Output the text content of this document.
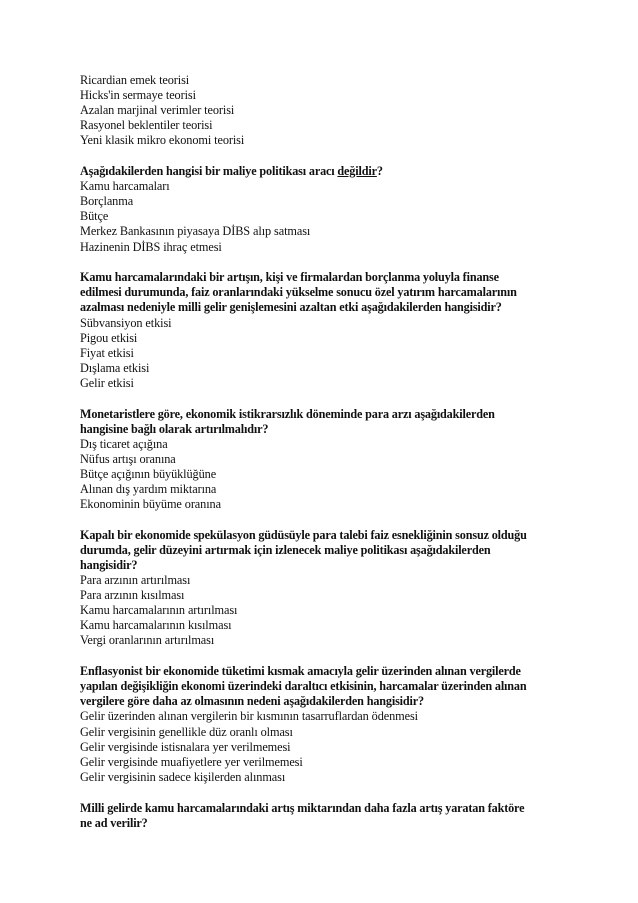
Ricardian emek teorisi
Hicks'in sermaye teorisi
Azalan marjinal verimler teorisi
Rasyonel beklentiler teorisi
Yeni klasik mikro ekonomi teorisi
Aşağıdakilerden hangisi bir maliye politikası aracı değildir?
Kamu harcamaları
Borçlanma
Bütçe
Merkez Bankasının piyasaya DİBS alıp satması
Hazinenin DİBS ihraç etmesi
Kamu harcamalarındaki bir artışın, kişi ve firmalardan borçlanma yoluyla finanse
edilmesi durumunda, faiz oranlarındaki yükselme sonucu özel yatırım harcamalarının
azalması nedeniyle milli gelir genişlemesini azaltan etki aşağıdakilerden hangisidir?
Sübvansiyon etkisi
Pigou etkisi
Fiyat etkisi
Dışlama etkisi
Gelir etkisi
Monetaristlere göre, ekonomik istikrarsızlık döneminde para arzı aşağıdakilerden
hangisine bağlı olarak artırılmalıdır?
Dış ticaret açığına
Nüfus artışı oranına
Bütçe açığının büyüklüğüne
Alınan dış yardım miktarına
Ekonominin büyüme oranına
Kapalı bir ekonomide spekülasyon güdüsüyle para talebi faiz esnekliğinin sonsuz olduğu
durumda, gelir düzeyini artırmak için izlenecek maliye politikası aşağıdakilerden
hangisidir?
Para arzının artırılması
Para arzının kısılması
Kamu harcamalarının artırılması
Kamu harcamalarının kısılması
Vergi oranlarının artırılması
Enflasyonist bir ekonomide tüketimi kısmak amacıyla gelir üzerinden alınan vergilerde
yapılan değişikliğin ekonomi üzerindeki daraltıcı etkisinin, harcamalar üzerinden alınan
vergilere göre daha az olmasının nedeni aşağıdakilerden hangisidir?
Gelir üzerinden alınan vergilerin bir kısmının tasarruflardan ödenmesi
Gelir vergisinin genellikle düz oranlı olması
Gelir vergisinde istisnalara yer verilmemesi
Gelir vergisinde muafiyetlere yer verilmemesi
Gelir vergisinin sadece kişilerden alınması
Milli gelirde kamu harcamalarındaki artış miktarından daha fazla artış yaratan faktöre
ne ad verilir?
